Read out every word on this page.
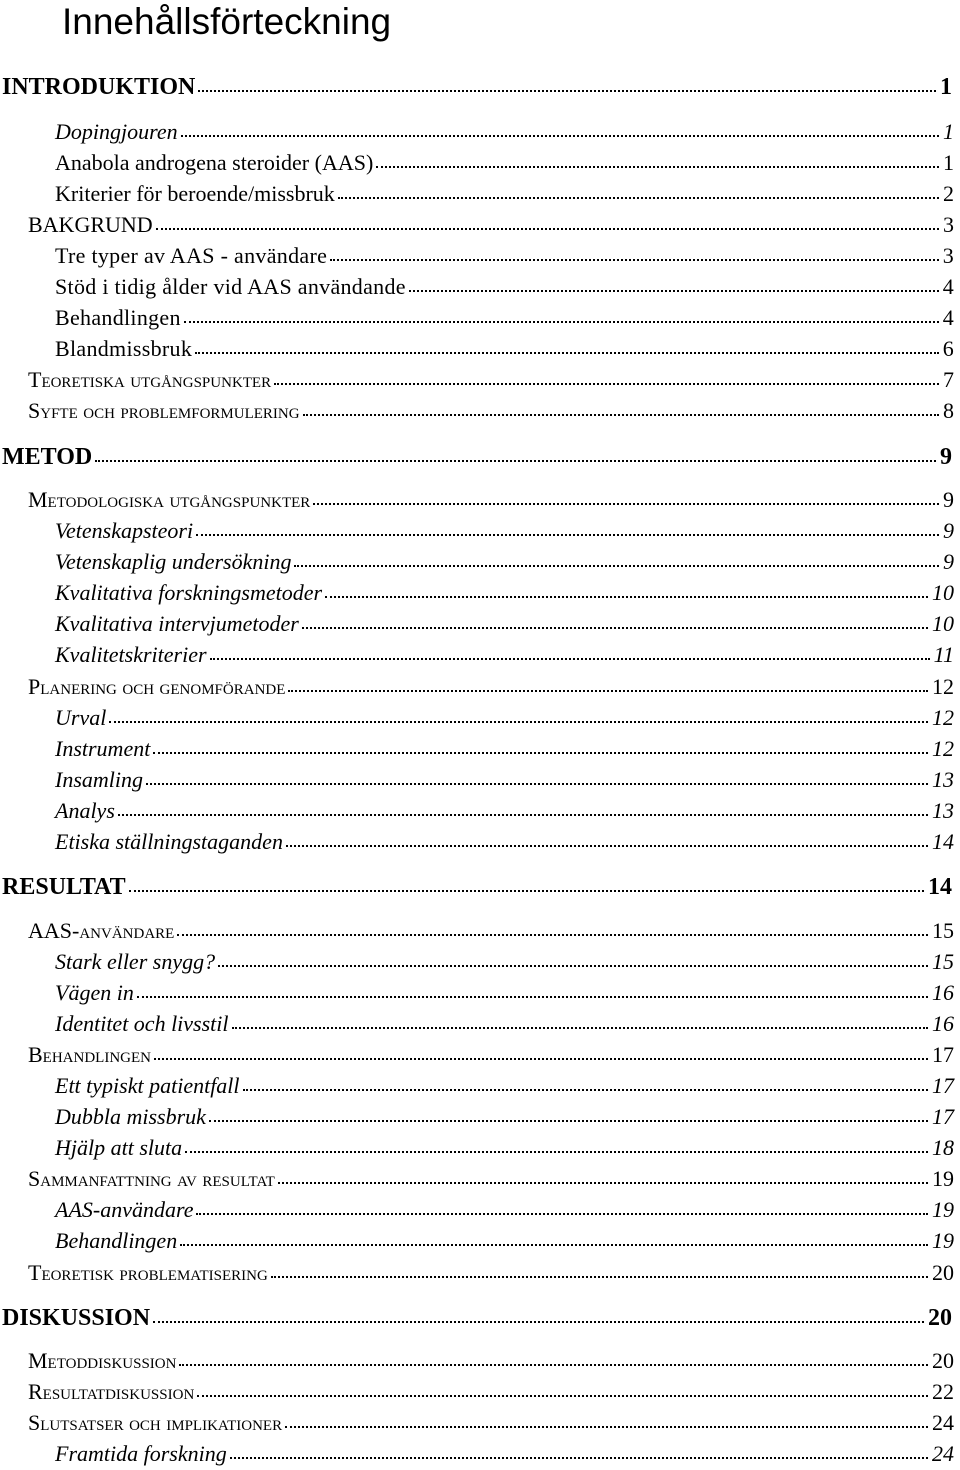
Innehållsförteckning
INTRODUKTION	1
Dopingjouren	1
Anabola androgena steroider (AAS)	1
Kriterier för beroende/missbruk	2
BAKGRUND	3
Tre typer av AAS - användare	3
Stöd i tidig ålder vid AAS användande	4
Behandlingen	4
Blandmissbruk	6
Teoretiska utgångspunkter	7
Syfte och problemformulering	8
METOD	9
Metodologiska utgångspunkter	9
Vetenskapsteori	9
Vetenskaplig undersökning	9
Kvalitativa forskningsmetoder	10
Kvalitativa intervjumetoder	10
Kvalitetskriterier	11
Planering och genomförande	12
Urval	12
Instrument	12
Insamling	13
Analys	13
Etiska ställningstaganden	14
RESULTAT	14
AAS-användare	15
Stark eller snygg?	15
Vägen in	16
Identitet och livsstil	16
Behandlingen	17
Ett typiskt patientfall	17
Dubbla missbruk	17
Hjälp att sluta	18
Sammanfattning av resultat	19
AAS-användare	19
Behandlingen	19
Teoretisk problematisering	20
DISKUSSION	20
Metoddiskussion	20
Resultatdiskussion	22
Slutsatser och implikationer	24
Framtida forskning	24
